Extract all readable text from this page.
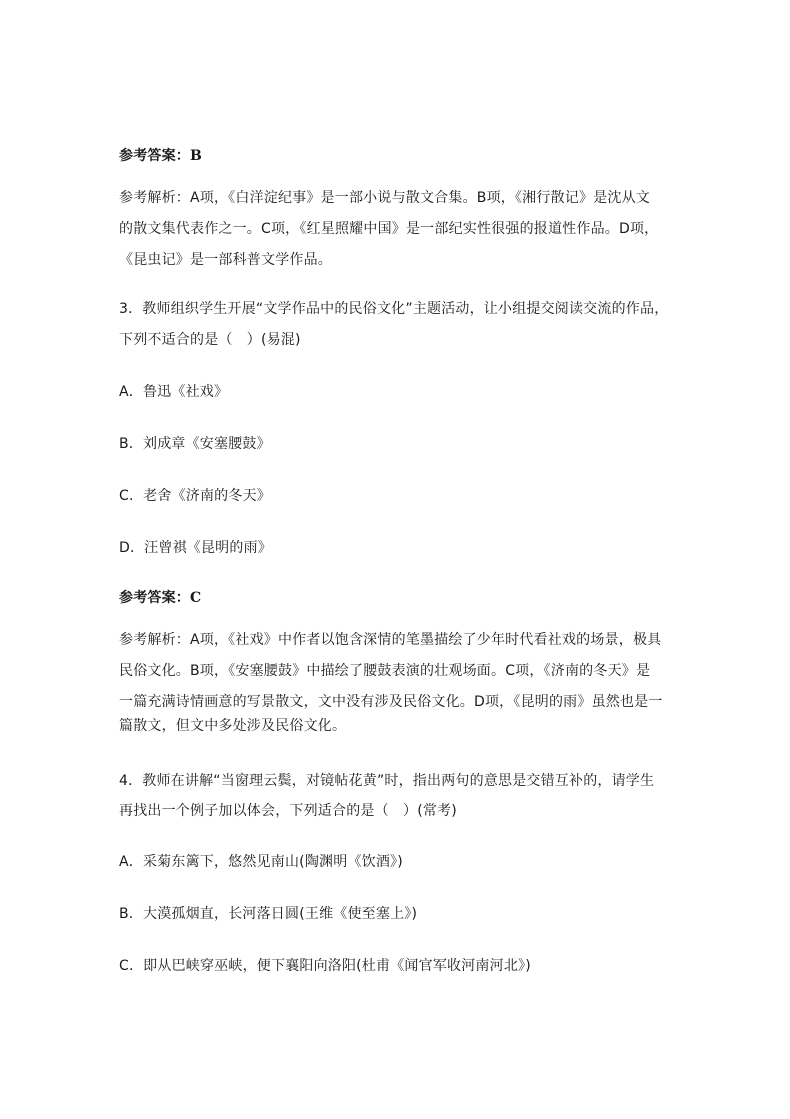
参考答案：B
参考解析：A项，《白洋淀纪事》是一部小说与散文合集。B项，《湘行散记》是沈从文
的散文集代表作之一。C项，《红星照耀中国》是一部纪实性很强的报道性作品。D项，
《昆虫记》是一部科普文学作品。
3．教师组织学生开展“文学作品中的民俗文化”主题活动，让小组提交阅读交流的作品，
下列不适合的是（　）(易混)
A．鲁迅《社戏》
B．刘成章《安塞腰鼓》
C．老舍《济南的冬天》
D．汪曾祺《昆明的雨》
参考答案：C
参考解析：A项，《社戏》中作者以饱含深情的笔墨描绘了少年时代看社戏的场景，极具
民俗文化。B项，《安塞腰鼓》中描绘了腰鼓表演的壮观场面。C项，《济南的冬天》是
一篇充满诗情画意的写景散文，文中没有涉及民俗文化。D项，《昆明的雨》虽然也是一
篇散文，但文中多处涉及民俗文化。
4．教师在讲解“当窗理云鬓，对镜帖花黄”时，指出两句的意思是交错互补的，请学生
再找出一个例子加以体会，下列适合的是（　）(常考)
A．采菊东篱下，悠然见南山(陶渊明《饮酒》)
B．大漠孤烟直，长河落日圆(王维《使至塞上》)
C．即从巴峡穿巫峡，便下襄阳向洛阳(杜甫《闻官军收河南河北》)
